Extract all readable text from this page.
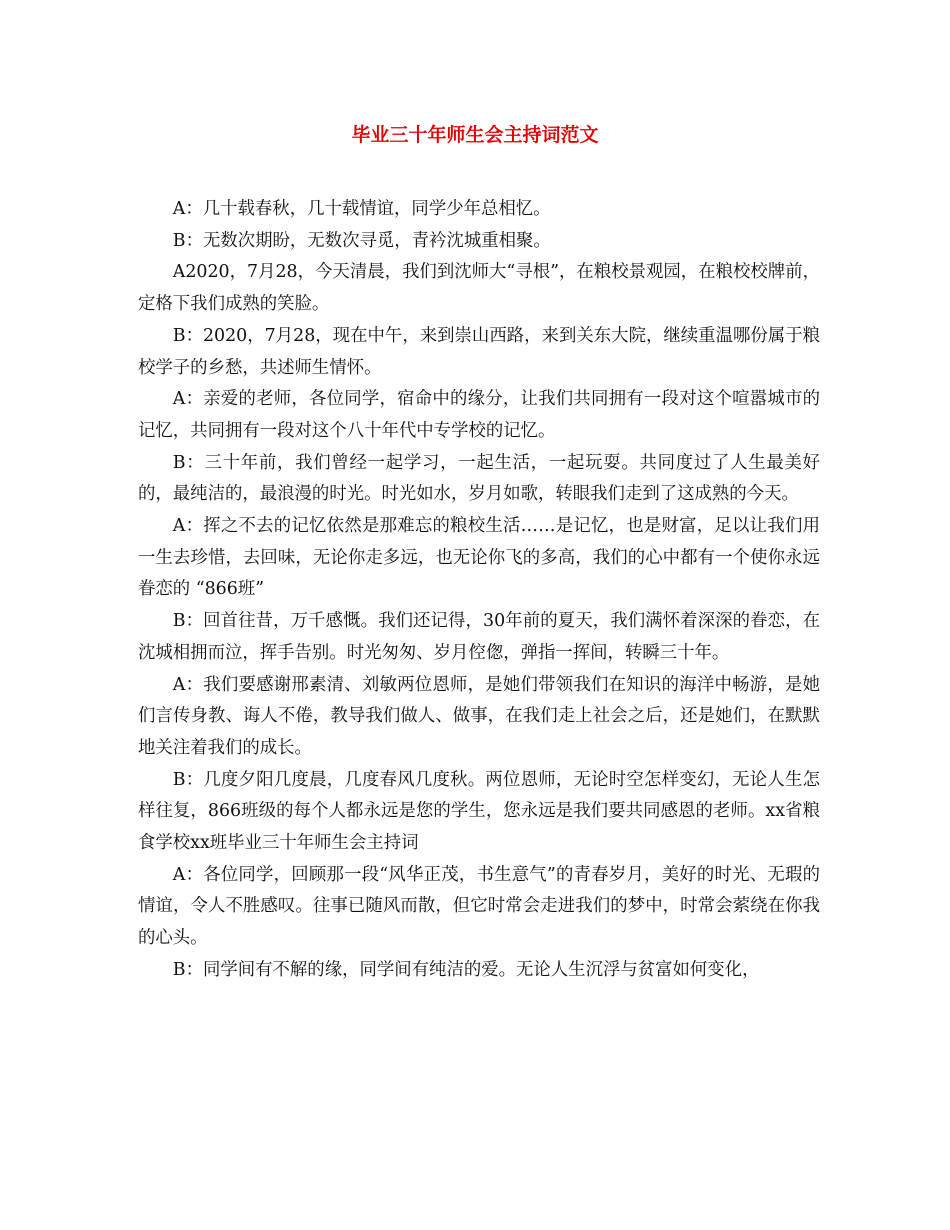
毕业三十年师生会主持词范文

A：几十载春秋，几十载情谊，同学少年总相忆。

B：无数次期盼，无数次寻觅，青衿沈城重相聚。

A2020，7月28，今天清晨，我们到沈师大“寻根”，在粮校景观园，在粮校校牌前，定格下我们成熟的笑脸。

B：2020，7月28，现在中午，来到崇山西路，来到关东大院，继续重温哪份属于粮校学子的乡愁，共述师生情怀。

A：亲爱的老师，各位同学，宿命中的缘分，让我们共同拥有一段对这个喧嚣城市的记忆，共同拥有一段对这个八十年代中专学校的记忆。

B：三十年前，我们曾经一起学习，一起生活，一起玩耍。共同度过了人生最美好的，最纯洁的，最浪漫的时光。时光如水，岁月如歌，转眼我们走到了这成熟的今天。

A：挥之不去的记忆依然是那难忘的粮校生活……是记忆，也是财富，足以让我们用一生去珍惜，去回味，无论你走多远，也无论你飞的多高，我们的心中都有一个使你永远眷恋的 “866班”

B：回首往昔，万千感慨。我们还记得，30年前的夏天，我们满怀着深深的眷恋，在沈城相拥而泣，挥手告别。时光匆匆、岁月倥偬，弹指一挥间，转瞬三十年。

A：我们要感谢邢素清、刘敏两位恩师，是她们带领我们在知识的海洋中畅游，是她们言传身教、诲人不倦，教导我们做人、做事，在我们走上社会之后，还是她们，在默默地关注着我们的成长。

B：几度夕阳几度晨，几度春风几度秋。两位恩师，无论时空怎样变幻，无论人生怎样往复，866班级的每个人都永远是您的学生，您永远是我们要共同感恩的老师。xx省粮食学校xx班毕业三十年师生会主持词

A：各位同学，回顾那一段“风华正茂，书生意气”的青春岁月，美好的时光、无瑕的情谊，令人不胜感叹。往事已随风而散，但它时常会走进我们的梦中，时常会萦绕在你我的心头。

B：同学间有不解的缘，同学间有纯洁的爱。无论人生沉浮与贫富如何变化，
